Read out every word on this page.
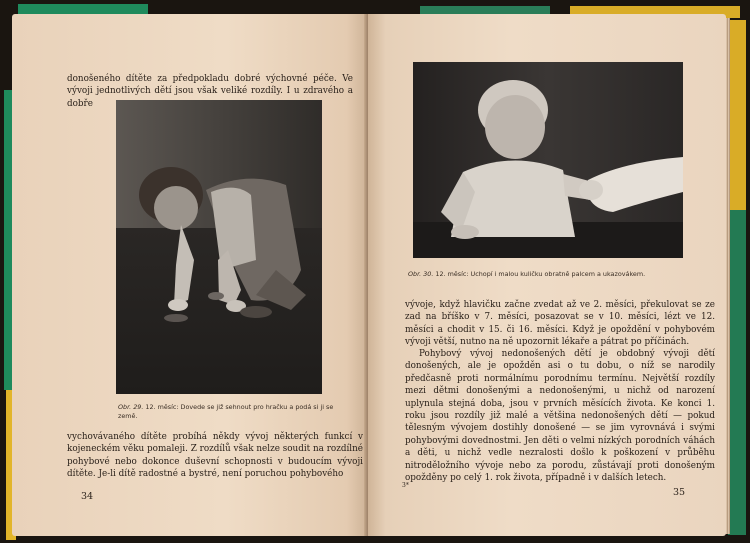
donošeného dítěte za předpokladu dobré výchovné péče. Ve vývoji jednotlivých dětí jsou však veliké rozdíly. I u zdravého a dobře

Obr. 29. 12. měsíc: Dovede se již sehnout pro hračku a podá si ji se země.

vychovávaného dítěte probíhá někdy vývoj některých funkcí v kojeneckém věku pomaleji. Z rozdílů však nelze soudit na rozdílné pohybové nebo dokonce duševní schopnosti v budoucím vývoji dítěte. Je-li dítě radostné a bystré, není poruchou pohybového

34

Obr. 30. 12. měsíc: Uchopí i malou kuličku obratně palcem a ukazovákem.

vývoje, když hlavičku začne zvedat až ve 2. měsíci, překulovat se ze zad na bříško v 7. měsíci, posazovat se v 10. měsíci, lézt ve 12. měsíci a chodit v 15. či 16. měsíci. Když je opoždění v pohybovém vývoji větší, nutno na ně upozornit lékaře a pátrat po příčinách.

Pohybový vývoj nedonošených dětí je obdobný vývoji dětí donošených, ale je opožděn asi o tu dobu, o níž se narodily předčasně proti normálnímu porodnímu termínu. Největší rozdíly mezi dětmi donošenými a nedonošenými, u nichž od narození uplynula stejná doba, jsou v prvních měsících života. Ke konci 1. roku jsou rozdíly již malé a většina nedonošených dětí — pokud tělesným vývojem dostihly donošené — se jim vyrovnává i svými pohybovými dovednostmi. Jen děti o velmi nízkých porodních váhách a děti, u nichž vedle nezralosti došlo k poškození v průběhu nitroděložního vývoje nebo za porodu, zůstávají proti donošeným opožděny po celý 1. rok života, případně i v dalších letech.

3*
35
